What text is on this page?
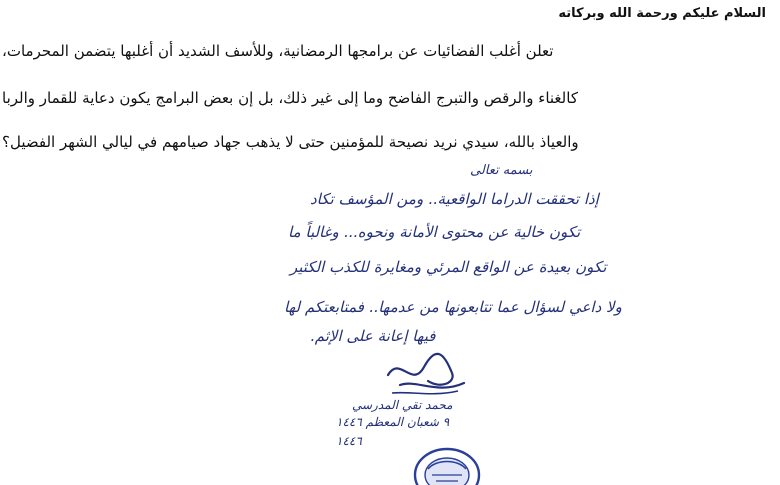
السلام عليكم ورحمة الله وبركاته
تعلن أغلب الفضائيات عن برامجها الرمضانية، وللأسف الشديد أن أغلبها يتضمن المحرمات،
كالغناء والرقص والتبرج الفاضح وما إلى غير ذلك، بل إن بعض البرامج يكون دعاية للقمار والربا
والعياذ بالله، سيدي نريد نصيحة للمؤمنين حتى لا يذهب جهاد صيامهم في ليالي الشهر الفضيل؟
بسمه تعالى
إذا تحققت الدراما الواقعية.. ومن المؤسف تكاد
تكون خالية عن محتوى الأمانة ونحوه... وغالباً ما
تكون بعيدة عن الواقع المرئي ومغايرة للكذب الكثير
ولا داعي لسؤال عما تتابعونها من عدمها.. فمتابعتكم لها
فيها إعانة على الإثم.
محمد تقي المدرسي
٩ شعبان المعظم ١٤٤٦
١٤٤٦
